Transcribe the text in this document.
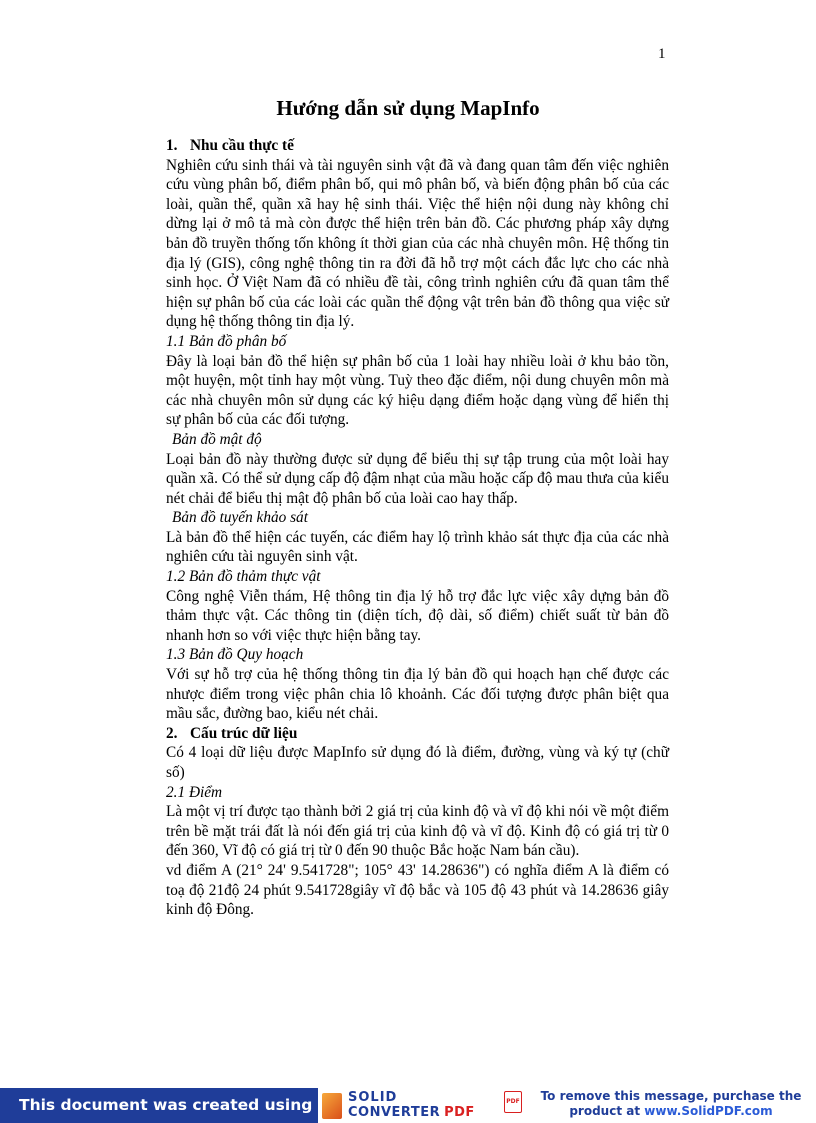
1
Hướng dẫn sử dụng MapInfo

1. Nhu cầu thực tế

Nghiên cứu sinh thái và tài nguyên sinh vật đã và đang quan tâm đến việc nghiên cứu vùng phân bố, điểm phân bố, qui mô phân bố, và biến động phân bố của các loài, quần thể, quần xã hay hệ sinh thái. Việc thể hiện nội dung này không chỉ dừng lại ở mô tả mà còn được thể hiện trên bản đồ. Các phương pháp xây dựng bản đồ truyền thống tốn không ít thời gian của các nhà chuyên môn. Hệ thống tin địa lý (GIS), công nghệ thông tin ra đời đã hỗ trợ một cách đắc lực cho các nhà sinh học. Ở Việt Nam đã có nhiều đề tài, công trình nghiên cứu đã quan tâm thể hiện sự phân bố của các loài các quần thể động vật trên bản đồ thông qua việc sử dụng hệ thống thông tin địa lý.

1.1 Bản đồ phân bố

Đây là loại bản đồ thể hiện sự phân bố của 1 loài hay nhiều loài ở khu bảo tồn, một huyện, một tỉnh hay một vùng. Tuỳ theo đặc điểm, nội dung chuyên môn mà các nhà chuyên môn sử dụng các ký hiệu dạng điểm hoặc dạng vùng để hiển thị sự phân bố của các đối tượng.

Bản đồ mật độ

Loại bản đồ này thường được sử dụng để biểu thị sự tập trung của một loài hay quần xã. Có thể sử dụng cấp độ đậm nhạt của mầu hoặc cấp độ mau thưa của kiểu nét chải để biểu thị mật độ phân bố của loài cao hay thấp.

Bản đồ tuyến khảo sát

Là bản đồ thể hiện các tuyến, các điểm hay lộ trình khảo sát thực địa của các nhà nghiên cứu tài nguyên sinh vật.

1.2 Bản đồ thảm thực vật

Công nghệ Viễn thám, Hệ thông tin địa lý hỗ trợ đắc lực việc xây dựng bản đồ thảm thực vật. Các thông tin (diện tích, độ dài, số điểm) chiết suất từ bản đồ nhanh hơn so với việc thực hiện bằng tay.

1.3 Bản đồ Quy hoạch

Với sự hỗ trợ của hệ thống thông tin địa lý bản đồ qui hoạch hạn chế được các nhược điểm trong việc phân chia lô khoảnh. Các đối tượng được phân biệt qua mầu sắc, đường bao, kiểu nét chải.

2. Cấu trúc dữ liệu

Có 4 loại dữ liệu được MapInfo sử dụng đó là điểm, đường, vùng và ký tự (chữ số)

2.1 Điểm

Là một vị trí được tạo thành bởi 2 giá trị của kinh độ và vĩ độ khi nói về một điểm trên bề mặt trái đất là nói đến giá trị của kinh độ và vĩ độ. Kinh độ có giá trị từ 0 đến 360, Vĩ độ có giá trị từ 0 đến 90 thuộc Bắc hoặc Nam bán cầu).

vd điểm A (21° 24' 9.541728"; 105° 43' 14.28636") có nghĩa điểm A là điểm có toạ độ 21độ 24 phút 9.541728giây vĩ độ bắc và 105 độ 43 phút và 14.28636 giây kinh độ Đông.

This document was created using	SOLID
CONVERTER PDF
PDF	To remove this message, purchase the
product at www.SolidPDF.com
